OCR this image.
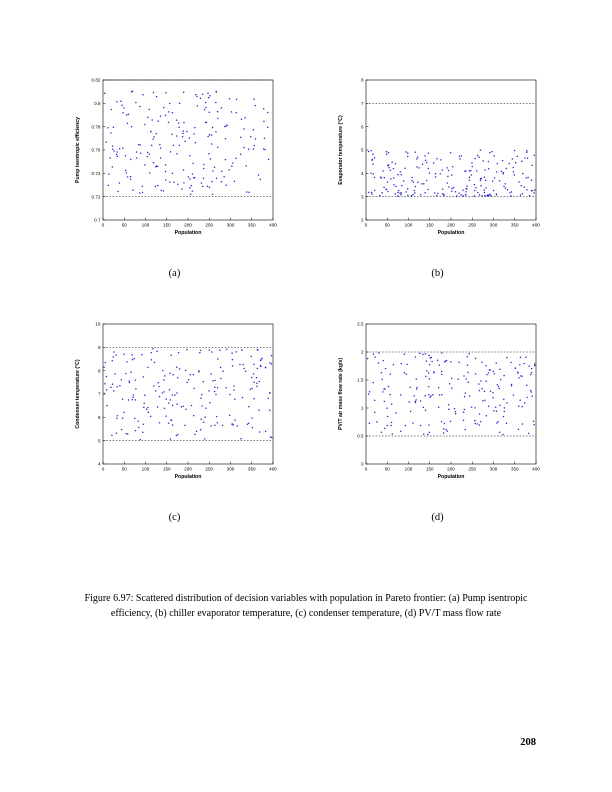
0	50	100	150	200	250	300	350	400
0.7
0.72
0.74
0.76
0.78
0.8
0.82
Population
Pump isentropic efficiency
(a)
0	50	100	150	200	250	300	350	400
2
3
4
5
6
7
8
Population
Evaporator temperature (°C)
(b)
0	50	100	150	200	250	300	350	400
4
5
6
7
8
9
10
Population
Condenser temperature (°C)
(c)
0	50	100	150	200	250	300	350	400
0
0.5
1
1.5
2
2.5
Population
PV/T air mass flow rate (kg/s)
(d)
Figure 6.97: Scattered distribution of decision variables with population in Pareto frontier: (a) Pump isentropic efficiency, (b) chiller evaporator temperature, (c) condenser temperature, (d) PV/T mass flow rate
208
